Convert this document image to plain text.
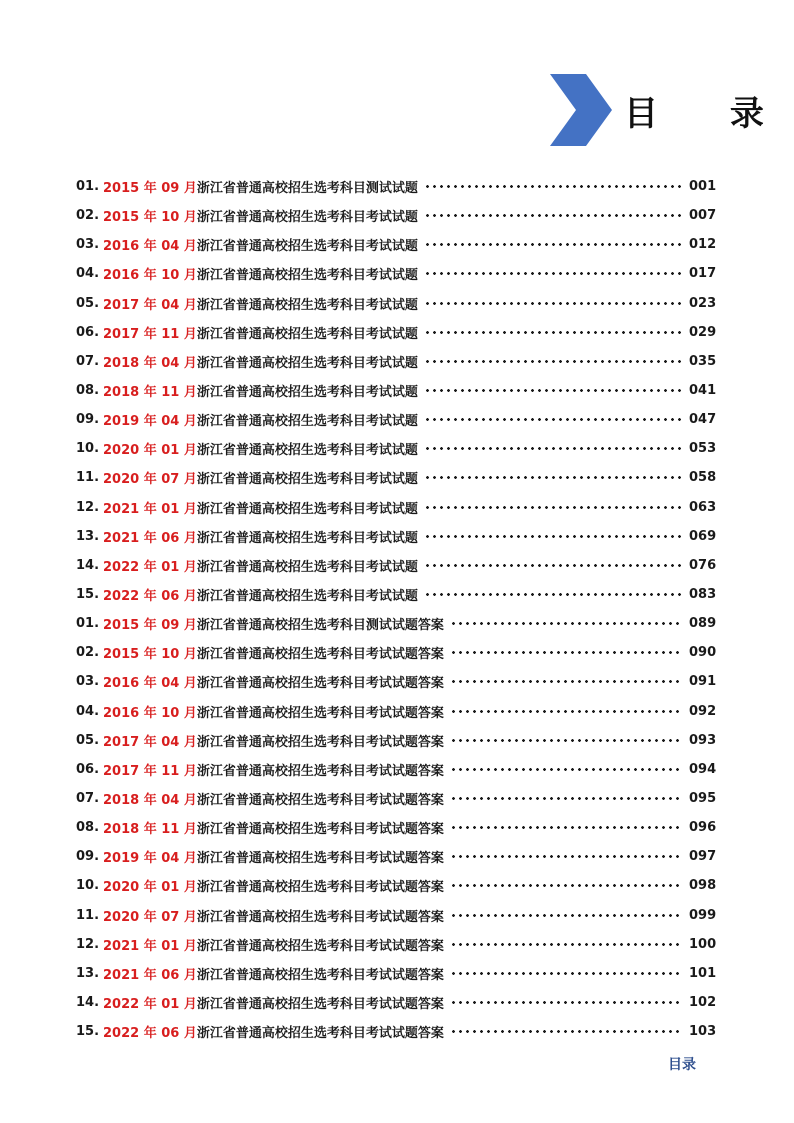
目 录
01. 2015 年 09 月 浙江省普通高校招生选考科目测试试题	001
02. 2015 年 10 月 浙江省普通高校招生选考科目考试试题	007
03. 2016 年 04 月 浙江省普通高校招生选考科目考试试题	012
04. 2016 年 10 月 浙江省普通高校招生选考科目考试试题	017
05. 2017 年 04 月 浙江省普通高校招生选考科目考试试题	023
06. 2017 年 11 月 浙江省普通高校招生选考科目考试试题	029
07. 2018 年 04 月 浙江省普通高校招生选考科目考试试题	035
08. 2018 年 11 月 浙江省普通高校招生选考科目考试试题	041
09. 2019 年 04 月 浙江省普通高校招生选考科目考试试题	047
10. 2020 年 01 月 浙江省普通高校招生选考科目考试试题	053
11. 2020 年 07 月 浙江省普通高校招生选考科目考试试题	058
12. 2021 年 01 月 浙江省普通高校招生选考科目考试试题	063
13. 2021 年 06 月 浙江省普通高校招生选考科目考试试题	069
14. 2022 年 01 月 浙江省普通高校招生选考科目考试试题	076
15. 2022 年 06 月 浙江省普通高校招生选考科目考试试题	083
01. 2015 年 09 月 浙江省普通高校招生选考科目测试试题答案	089
02. 2015 年 10 月 浙江省普通高校招生选考科目考试试题答案	090
03. 2016 年 04 月 浙江省普通高校招生选考科目考试试题答案	091
04. 2016 年 10 月 浙江省普通高校招生选考科目考试试题答案	092
05. 2017 年 04 月 浙江省普通高校招生选考科目考试试题答案	093
06. 2017 年 11 月 浙江省普通高校招生选考科目考试试题答案	094
07. 2018 年 04 月 浙江省普通高校招生选考科目考试试题答案	095
08. 2018 年 11 月 浙江省普通高校招生选考科目考试试题答案	096
09. 2019 年 04 月 浙江省普通高校招生选考科目考试试题答案	097
10. 2020 年 01 月 浙江省普通高校招生选考科目考试试题答案	098
11. 2020 年 07 月 浙江省普通高校招生选考科目考试试题答案	099
12. 2021 年 01 月 浙江省普通高校招生选考科目考试试题答案	100
13. 2021 年 06 月 浙江省普通高校招生选考科目考试试题答案	101
14. 2022 年 01 月 浙江省普通高校招生选考科目考试试题答案	102
15. 2022 年 06 月 浙江省普通高校招生选考科目考试试题答案	103
目录
